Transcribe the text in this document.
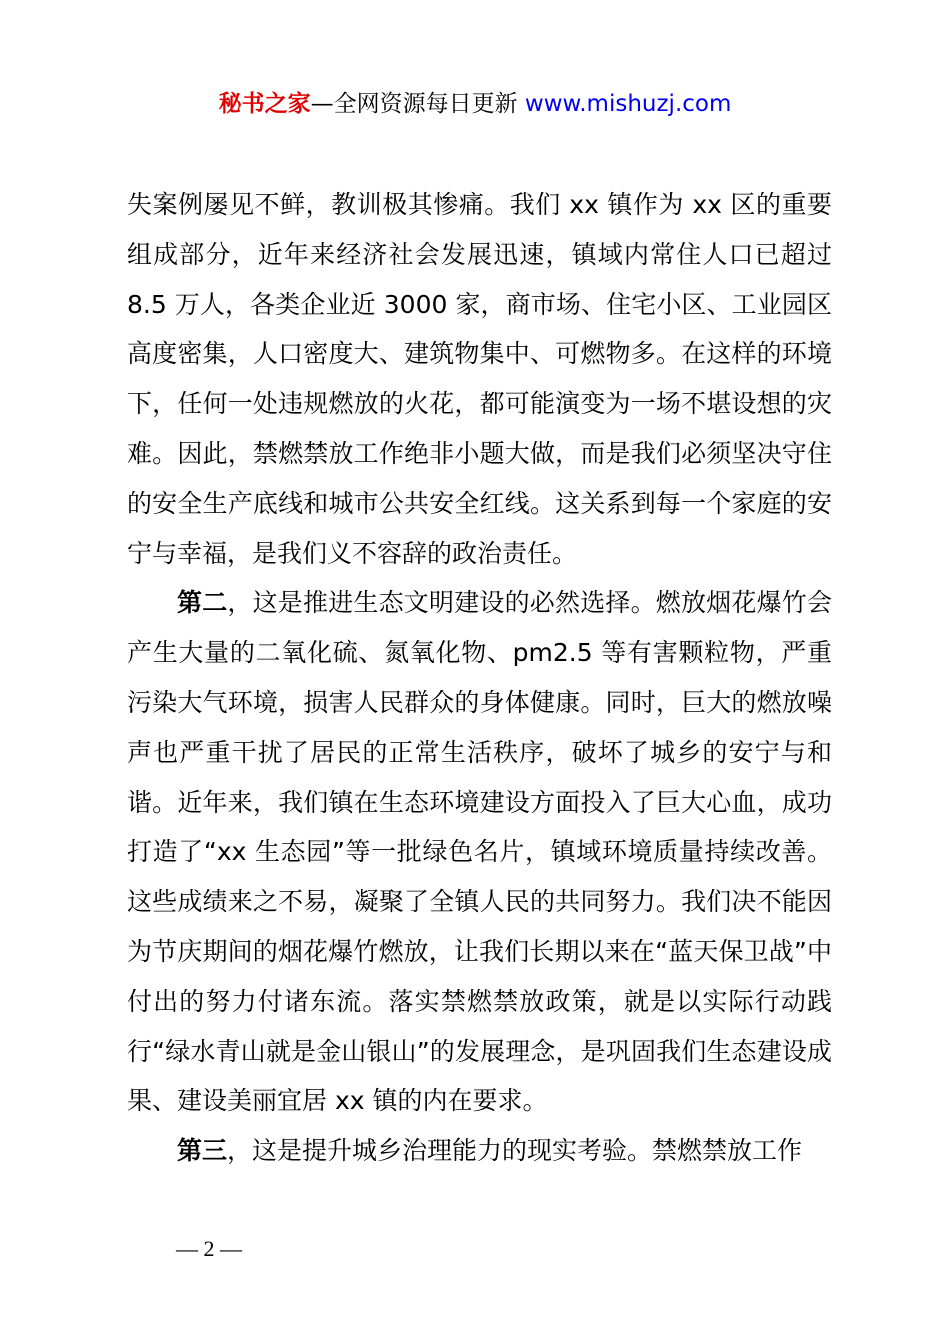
秘书之家—全网资源每日更新 www.mishuzj.com

失案例屡见不鲜，教训极其惨痛。我们 xx 镇作为 xx 区的重要组成部分，近年来经济社会发展迅速，镇域内常住人口已超过 8.5 万人，各类企业近 3000 家，商市场、住宅小区、工业园区高度密集，人口密度大、建筑物集中、可燃物多。在这样的环境下，任何一处违规燃放的火花，都可能演变为一场不堪设想的灾难。因此，禁燃禁放工作绝非小题大做，而是我们必须坚决守住的安全生产底线和城市公共安全红线。这关系到每一个家庭的安宁与幸福，是我们义不容辞的政治责任。

第二，这是推进生态文明建设的必然选择。燃放烟花爆竹会产生大量的二氧化硫、氮氧化物、pm2.5 等有害颗粒物，严重污染大气环境，损害人民群众的身体健康。同时，巨大的燃放噪声也严重干扰了居民的正常生活秩序，破坏了城乡的安宁与和谐。近年来，我们镇在生态环境建设方面投入了巨大心血，成功打造了“xx 生态园”等一批绿色名片，镇域环境质量持续改善。这些成绩来之不易，凝聚了全镇人民的共同努力。我们决不能因为节庆期间的烟花爆竹燃放，让我们长期以来在“蓝天保卫战”中付出的努力付诸东流。落实禁燃禁放政策，就是以实际行动践行“绿水青山就是金山银山”的发展理念，是巩固我们生态建设成果、建设美丽宜居 xx 镇的内在要求。

第三，这是提升城乡治理能力的现实考验。禁燃禁放工作

— 2 —
